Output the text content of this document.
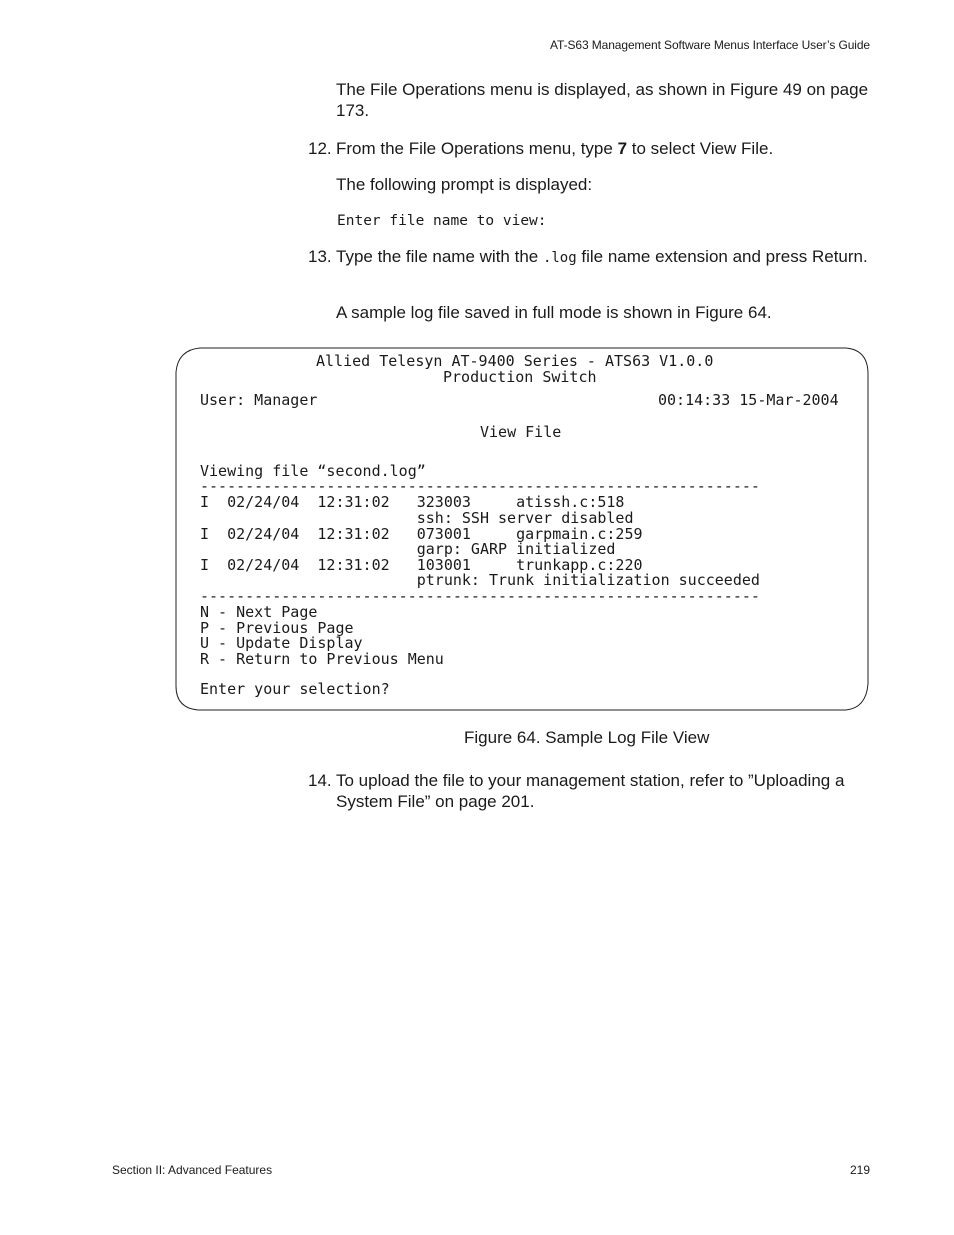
AT-S63 Management Software Menus Interface User’s Guide

The File Operations menu is displayed, as shown in Figure 49 on page 173.

12. From the File Operations menu, type 7 to select View File.

The following prompt is displayed:

Enter file name to view:
13. Type the file name with the .log file name extension and press Return.

A sample log file saved in full mode is shown in Figure 64.

Allied Telesyn AT-9400 Series - ATS63 V1.0.0
Production Switch
User: Manager	00:14:33 15-Mar-2004
View File
Viewing file “second.log”
--------------------------------------------------------------
I  02/24/04  12:31:02   323003     atissh.c:518
ssh: SSH server disabled
I  02/24/04  12:31:02   073001     garpmain.c:259
garp: GARP initialized
I  02/24/04  12:31:02   103001     trunkapp.c:220
ptrunk: Trunk initialization succeeded
--------------------------------------------------------------
N - Next Page
P - Previous Page
U - Update Display
R - Return to Previous Menu
Enter your selection?
Figure 64. Sample Log File View
14. To upload the file to your management station, refer to ”Uploading a System File” on page 201.
Section II: Advanced Features	219
